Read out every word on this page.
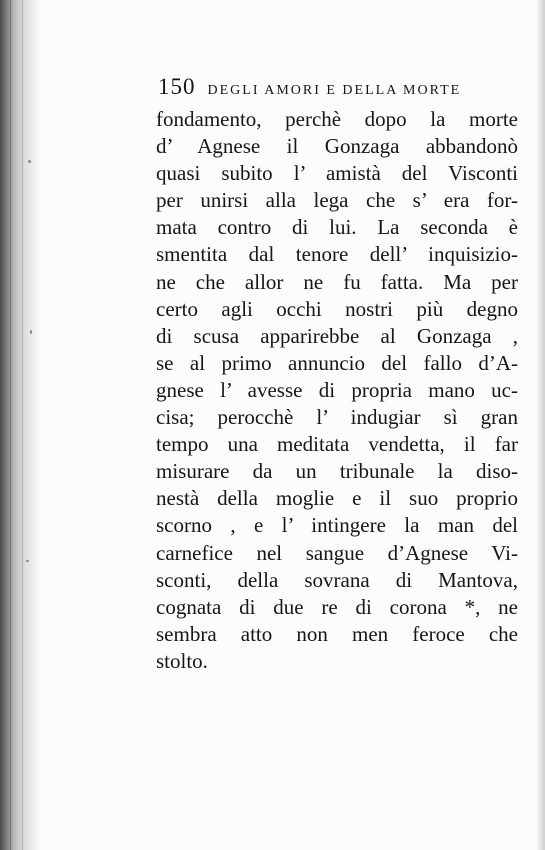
150 DEGLI AMORI E DELLA MORTE
fondamento, perchè dopo la morte
d’ Agnese il Gonzaga abbandonò
quasi subito l’ amistà del Visconti
per unirsi alla lega che s’ era for-
mata contro di lui. La seconda è
smentita dal tenore dell’ inquisizio-
ne che allor ne fu fatta. Ma per
certo agli occhi nostri più degno
di scusa apparirebbe al Gonzaga ,
se al primo annuncio del fallo d’A-
gnese l’ avesse di propria mano uc-
cisa; perocchè l’ indugiar sì gran
tempo una meditata vendetta, il far
misurare da un tribunale la diso-
nestà della moglie e il suo proprio
scorno , e l’ intingere la man del
carnefice nel sangue d’Agnese Vi-
sconti, della sovrana di Mantova,
cognata di due re di corona *, ne
sembra atto non men feroce che
stolto.
